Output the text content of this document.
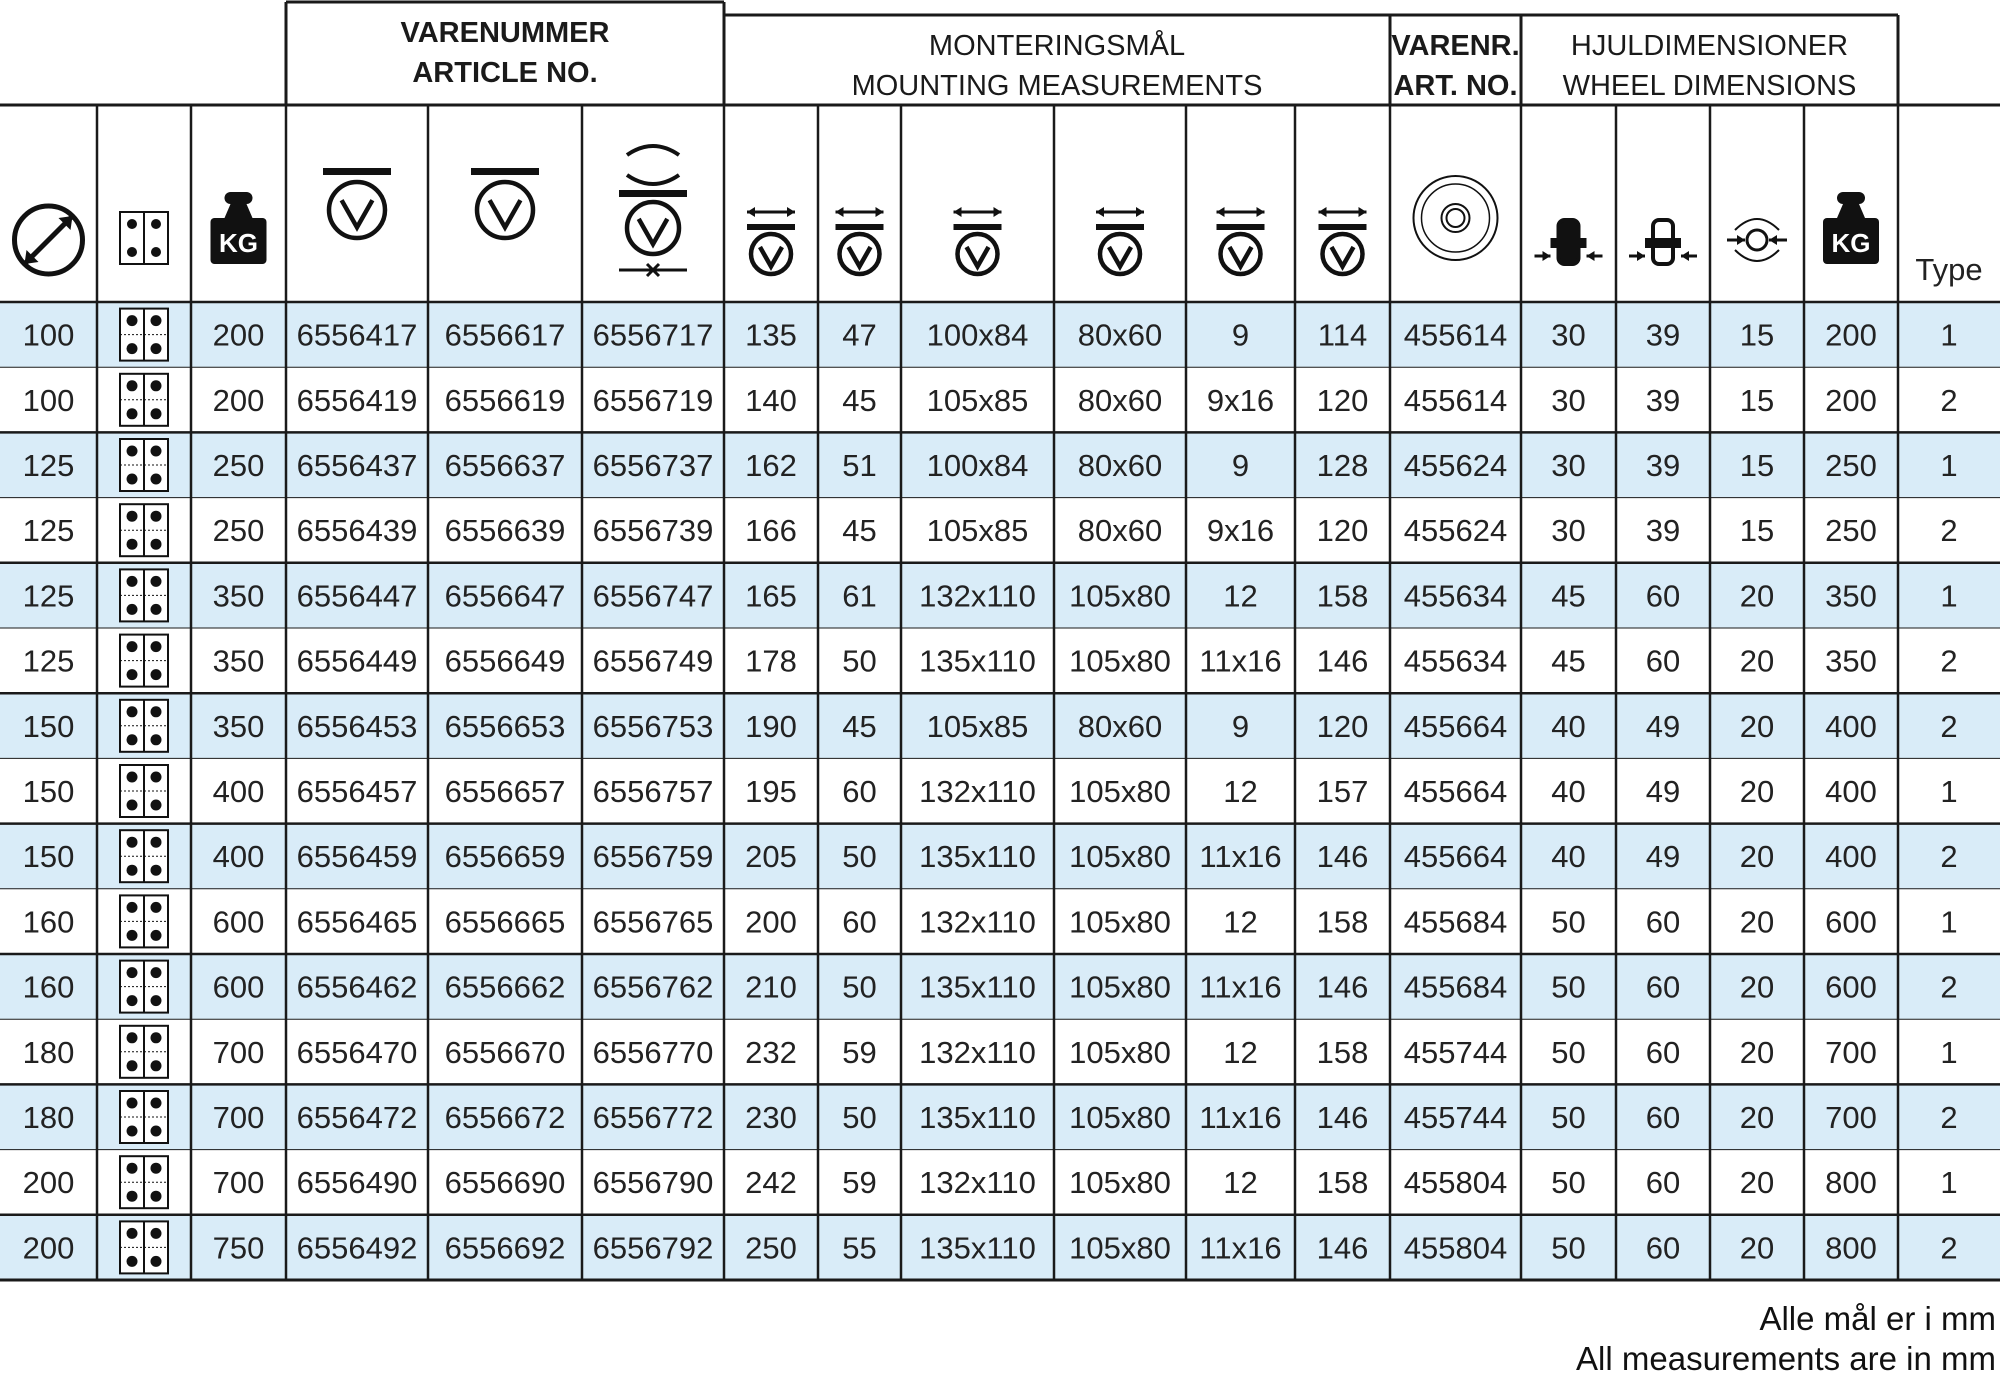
VARENUMMER
ARTICLE NO.
MONTERINGSMÅL
MOUNTING MEASUREMENTS
VARENR.
ART. NO.
HJULDIMENSIONER
WHEEL DIMENSIONS
KG	KG
Type
100	200 6556417 6556617 6556717 135 47 100x84 80x60 9 114 455614 30 39 15 200 1
100	200 6556419 6556619 6556719 140 45 105x85 80x60 9x16 120 455614 30 39 15 200 2
125	250 6556437 6556637 6556737 162 51 100x84 80x60 9 128 455624 30 39 15 250 1
125	250 6556439 6556639 6556739 166 45 105x85 80x60 9x16 120 455624 30 39 15 250 2
125	350 6556447 6556647 6556747 165 61 132x110 105x80 12 158 455634 45 60 20 350 1
125	350 6556449 6556649 6556749 178 50 135x110 105x80 11x16 146 455634 45 60 20 350 2
150	350 6556453 6556653 6556753 190 45 105x85 80x60 9 120 455664 40 49 20 400 2
150	400 6556457 6556657 6556757 195 60 132x110 105x80 12 157 455664 40 49 20 400 1
150	400 6556459 6556659 6556759 205 50 135x110 105x80 11x16 146 455664 40 49 20 400 2
160	600 6556465 6556665 6556765 200 60 132x110 105x80 12 158 455684 50 60 20 600 1
160	600 6556462 6556662 6556762 210 50 135x110 105x80 11x16 146 455684 50 60 20 600 2
180	700 6556470 6556670 6556770 232 59 132x110 105x80 12 158 455744 50 60 20 700 1
180	700 6556472 6556672 6556772 230 50 135x110 105x80 11x16 146 455744 50 60 20 700 2
200	700 6556490 6556690 6556790 242 59 132x110 105x80 12 158 455804 50 60 20 800 1
200	750 6556492 6556692 6556792 250 55 135x110 105x80 11x16 146 455804 50 60 20 800 2
Alle mål er i mm
All measurements are in mm
